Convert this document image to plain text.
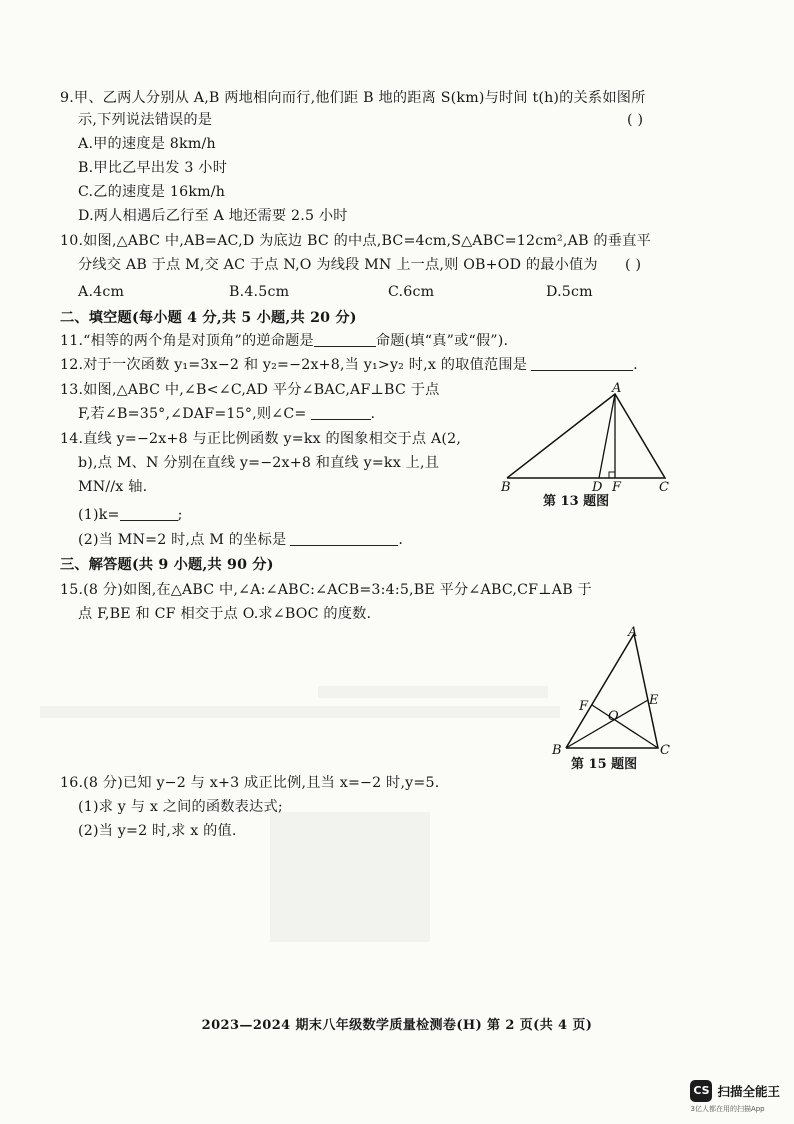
9.甲、乙两人分别从 A,B 两地相向而行,他们距 B 地的距离 S(km)与时间 t(h)的关系如图所
示,下列说法错误的是	( )
A.甲的速度是 8km/h
B.甲比乙早出发 3 小时
C.乙的速度是 16km/h
D.两人相遇后乙行至 A 地还需要 2.5 小时
10.如图,△ABC 中,AB=AC,D 为底边 BC 的中点,BC=4cm,S△ABC=12cm²,AB 的垂直平
分线交 AB 于点 M,交 AC 于点 N,O 为线段 MN 上一点,则 OB+OD 的最小值为 ( )
A.4cm	B.4.5cm	C.6cm	D.5cm
二、填空题(每小题 4 分,共 5 小题,共 20 分)
11.“相等的两个角是对顶角”的逆命题是	命题(填“真”或“假”).
12.对于一次函数 y₁=3x−2 和 y₂=−2x+8,当 y₁>y₂ 时,x 的取值范围是	.
13.如图,△ABC 中,∠B<∠C,AD 平分∠BAC,AF⊥BC 于点
F,若∠B=35°,∠DAF=15°,则∠C=	.
14.直线 y=−2x+8 与正比例函数 y=kx 的图象相交于点 A(2,
b),点 M、N 分别在直线 y=−2x+8 和直线 y=kx 上,且
MN//x 轴.
(1)k=	;
(2)当 MN=2 时,点 M 的坐标是	.
A
B	C
D F
第 13 题图
三、解答题(共 9 小题,共 90 分)
15.(8 分)如图,在△ABC 中,∠A:∠ABC:∠ACB=3:4:5,BE 平分∠ABC,CF⊥AB 于
点 F,BE 和 CF 相交于点 O.求∠BOC 的度数.
A
B	C
E
F
O
第 15 题图
16.(8 分)已知 y−2 与 x+3 成正比例,且当 x=−2 时,y=5.
(1)求 y 与 x 之间的函数表达式;
(2)当 y=2 时,求 x 的值.
2023—2024 期末八年级数学质量检测卷(H) 第 2 页(共 4 页)
CS 扫描全能王
3亿人都在用的扫描App
